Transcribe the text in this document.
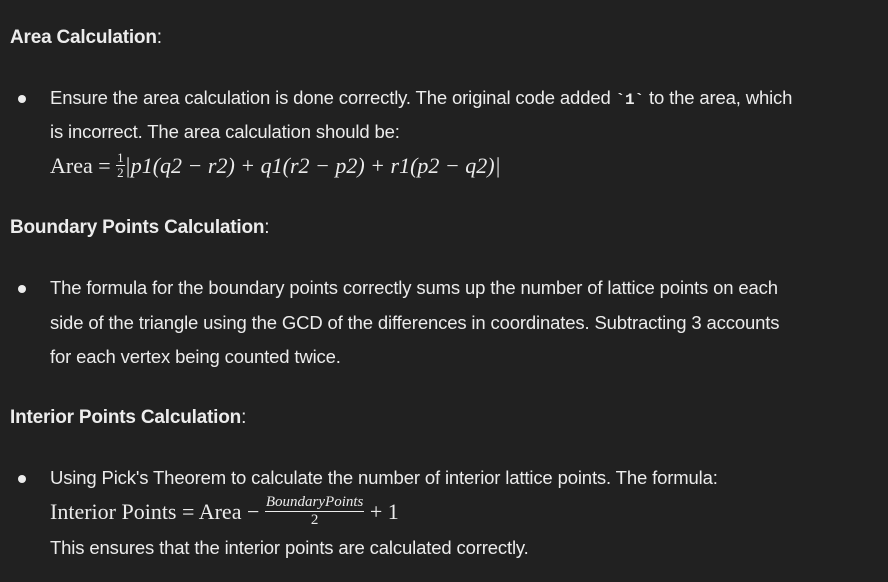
Area Calculation:
Ensure the area calculation is done correctly. The original code added `1` to the area, which
is incorrect. The area calculation should be:
Area = $\frac{1}{2} |p1(q2 - r2) + q1(r2 - p2) + r1(p2 - q2)|$
Boundary Points Calculation:
The formula for the boundary points correctly sums up the number of lattice points on each
side of the triangle using the GCD of the differences in coordinates. Subtracting 3 accounts
for each vertex being counted twice.
Interior Points Calculation:
Using Pick's Theorem to calculate the number of interior lattice points. The formula:
Interior Points = Area − $\frac{\text{BoundaryPoints}}{2} + 1$
This ensures that the interior points are calculated correctly.
